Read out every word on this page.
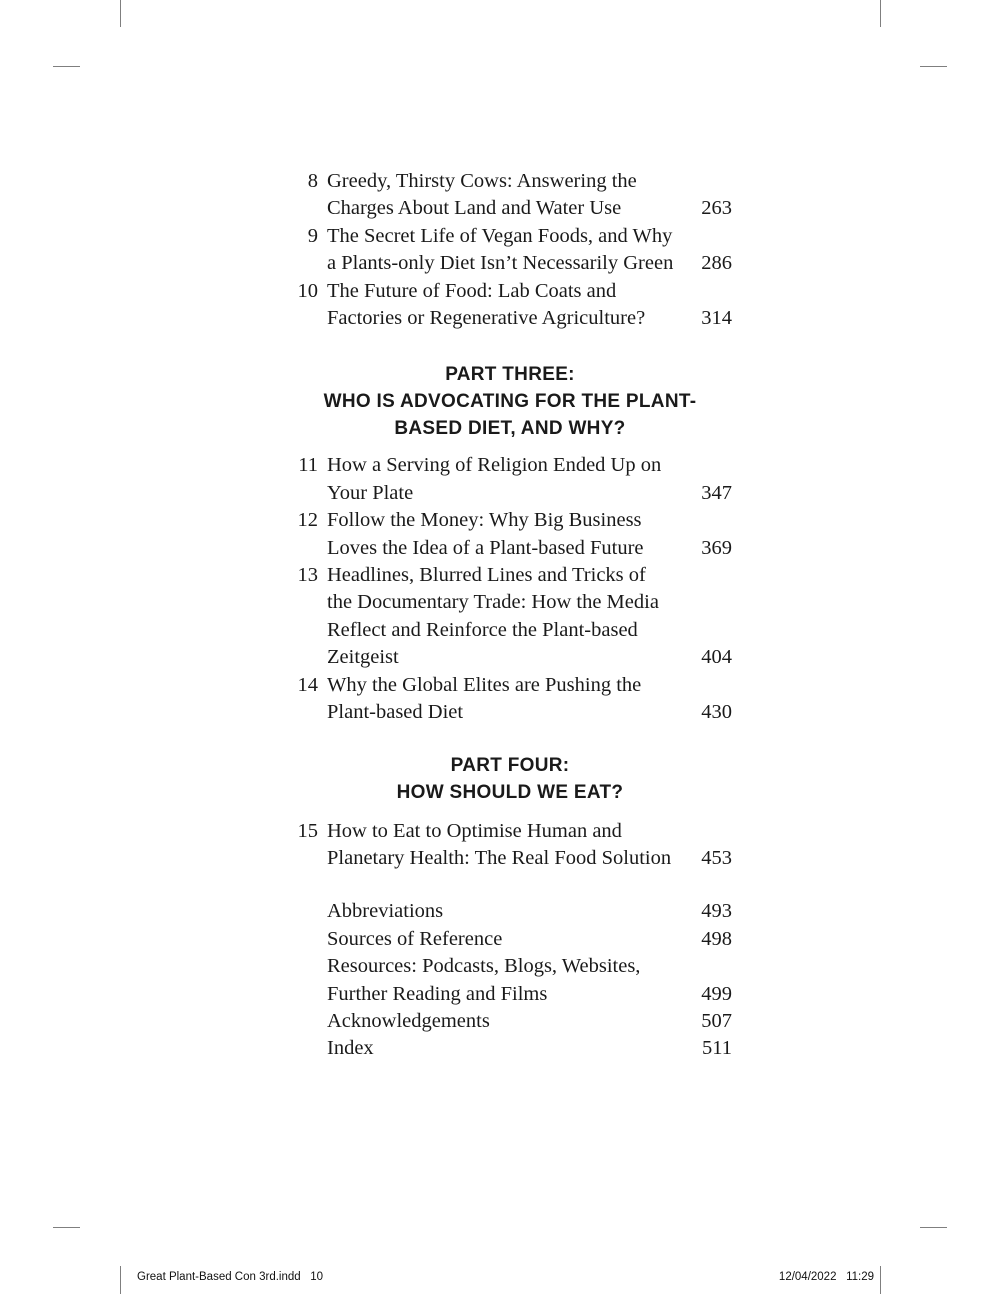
8 Greedy, Thirsty Cows: Answering the
Charges About Land and Water Use	263
9 The Secret Life of Vegan Foods, and Why
a Plants-only Diet Isn’t Necessarily Green	286
10 The Future of Food: Lab Coats and
Factories or Regenerative Agriculture?	314
PART THREE:
WHO IS ADVOCATING FOR THE PLANT-
BASED DIET, AND WHY?
11 How a Serving of Religion Ended Up on
Your Plate	347
12 Follow the Money: Why Big Business
Loves the Idea of a Plant-based Future	369
13 Headlines, Blurred Lines and Tricks of
the Documentary Trade: How the Media
Reflect and Reinforce the Plant-based
Zeitgeist	404
14 Why the Global Elites are Pushing the
Plant-based Diet	430
PART FOUR:
HOW SHOULD WE EAT?
15 How to Eat to Optimise Human and
Planetary Health: The Real Food Solution	453
Abbreviations	493
Sources of Reference	498
Resources: Podcasts, Blogs, Websites,
Further Reading and Films	499
Acknowledgements	507
Index	511
Great Plant-Based Con 3rd.indd   10	12/04/2022   11:29
